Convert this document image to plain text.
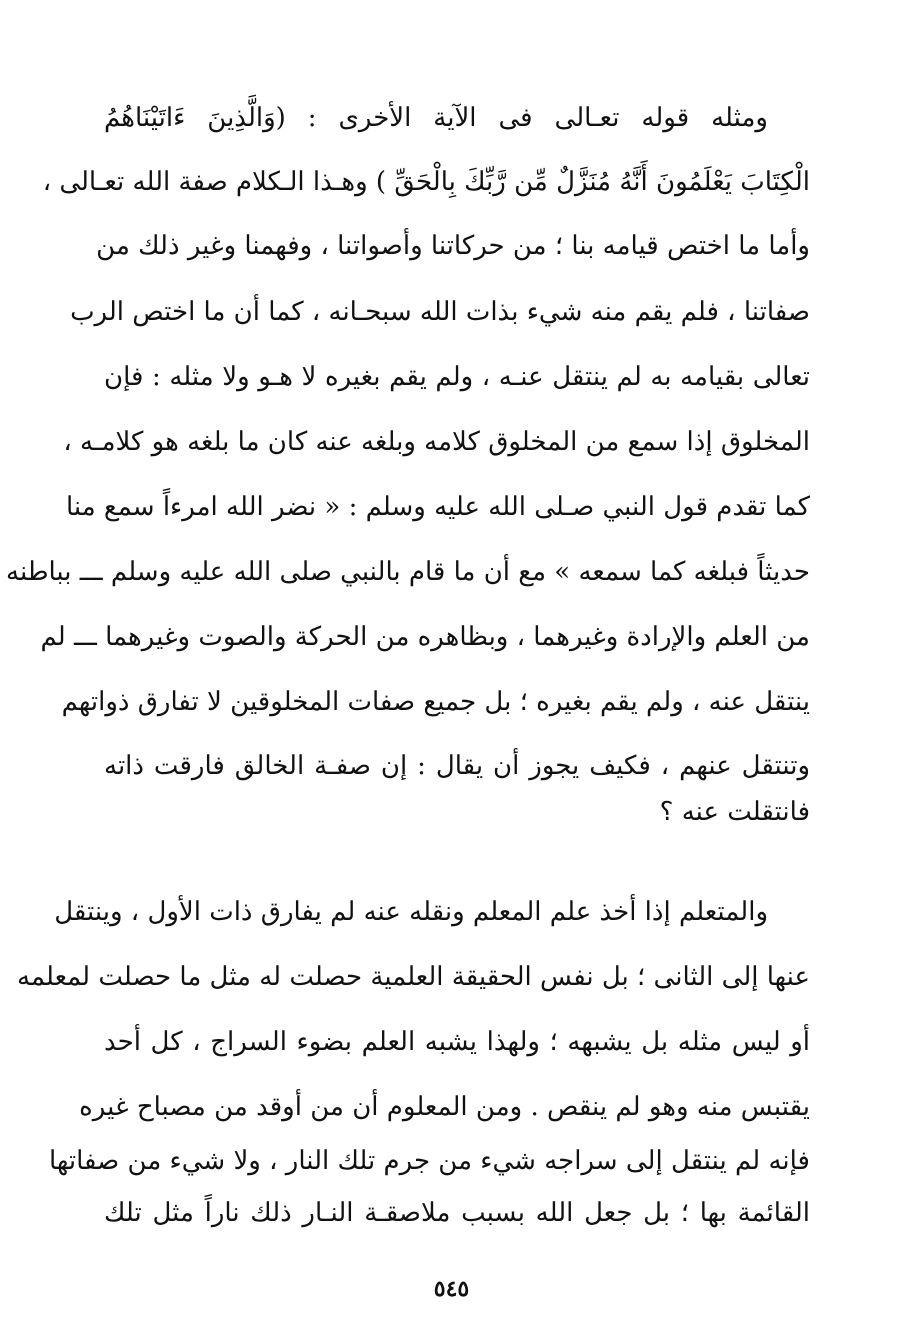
ومثله قوله تعـالى فى الآية الأخرى : (وَالَّذِينَ ءَاتَيْنَاهُمُ
الْكِتَابَ يَعْلَمُونَ أَنَّهُ مُنَزَّلٌ مِّن رَّبِّكَ بِالْحَقِّ ) وهـذا الـكلام صفة الله تعـالى ،
وأما ما اختص قيامه بنا ؛ من حركاتنا وأصواتنا ، وفهمنا وغير ذلك من
صفاتنا ، فلم يقم منه شيء بذات الله سبحـانه ، كما أن ما اختص الرب
تعالى بقيامه به لم ينتقل عنـه ، ولم يقم بغيره لا هـو ولا مثله : فإن
المخلوق إذا سمع من المخلوق كلامه وبلغه عنه كان ما بلغه هو كلامـه ،
كما تقدم قول النبي صـلى الله عليه وسلم : « نضر الله امرءاً سمع منا
حديثاً فبلغه كما سمعه » مع أن ما قام بالنبي صلى الله عليه وسلم ـــ بباطنه
من العلم والإرادة وغيرهما ، وبظاهره من الحركة والصوت وغيرهما ـــ لم
ينتقل عنه ، ولم يقم بغيره ؛ بل جميع صفات المخلوقين لا تفارق ذواتهم
وتنتقل عنهم ، فكيف يجوز أن يقال : إن صفـة الخالق فارقت ذاته
فانتقلت عنه ؟
والمتعلم إذا أخذ علم المعلم ونقله عنه لم يفارق ذات الأول ، وينتقل
عنها إلى الثانى ؛ بل نفس الحقيقة العلمية حصلت له مثل ما حصلت لمعلمه
أو ليس مثله بل يشبهه ؛ ولهذا يشبه العلم بضوء السراج ، كل أحد
يقتبس منه وهو لم ينقص . ومن المعلوم أن من أوقد من مصباح غيره
فإنه لم ينتقل إلى سراجه شيء من جرم تلك النار ، ولا شيء من صفاتها
القائمة بها ؛ بل جعل الله بسبب ملاصقـة النـار ذلك ناراً مثل تلك
٥٤٥
